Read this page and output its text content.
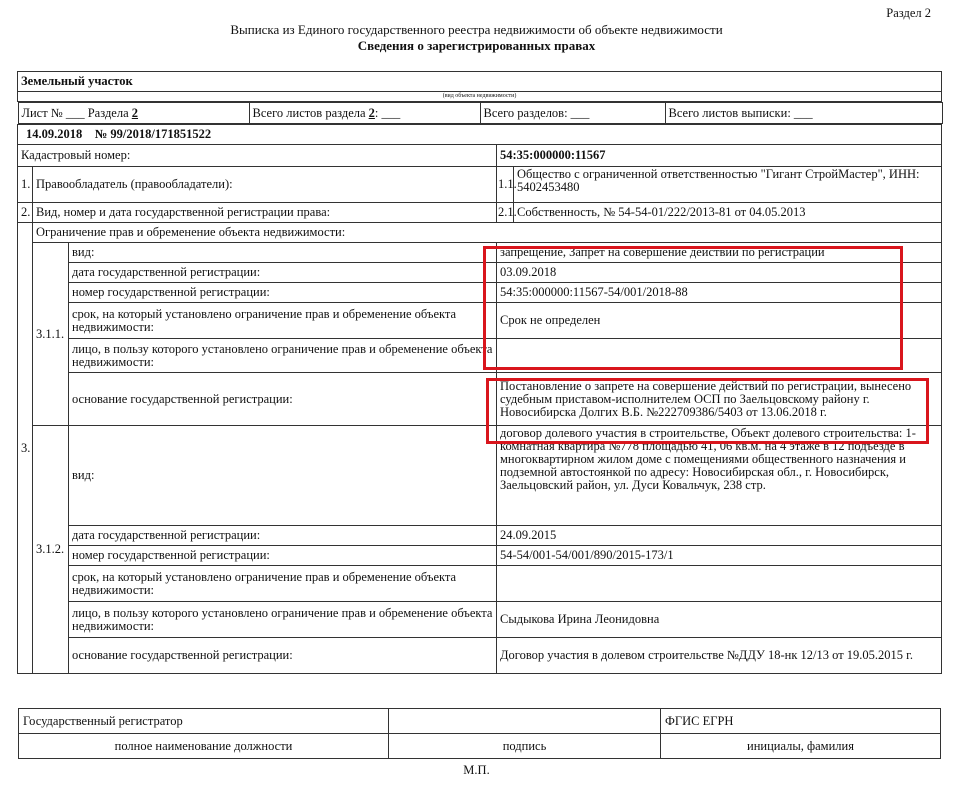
Раздел 2
Выписка из Единого государственного реестра недвижимости об объекте недвижимости
Сведения о зарегистрированных правах
Земельный участок
(вид объекта недвижимости)

Лист № ___ Раздела 2	Всего листов раздела 2: ___	Всего разделов: ___	Всего листов выписки: ___

14.09.2018 № 99/2018/171851522
Кадастровый номер:	54:35:000000:11567
1.	Правообладатель (правообладатели):	1.1.	Общество с ограниченной ответственностью "Гигант СтройМастер", ИНН: 5402453480
2.	Вид, номер и дата государственной регистрации права:	2.1.	Собственность, № 54-54-01/222/2013-81 от 04.05.2013
3.	Ограничение прав и обременение объекта недвижимости:
3.1.1.	вид:	запрещение, Запрет на совершение действий по регистрации
дата государственной регистрации:	03.09.2018
номер государственной регистрации:	54:35:000000:11567-54/001/2018-88
срок, на который установлено ограничение прав и обременение объекта недвижимости:	Срок не определен
лицо, в пользу которого установлено ограничение прав и обременение объекта недвижимости:	
основание государственной регистрации:	Постановление о запрете на совершение действий по регистрации, вынесено судебным приставом-исполнителем ОСП по Заельцовскому району г. Новосибирска Долгих В.Б. №222709386/5403 от 13.06.2018 г.
3.1.2.	вид:	договор долевого участия в строительстве, Объект долевого строительства: 1-комнатная квартира №778 площадью 41, 06 кв.м. на 4 этаже в 12 подъезде в многоквартирном жилом доме с помещениями общественного назначения и подземной автостоянкой по адресу: Новосибирская обл., г. Новосибирск, Заельцовский район, ул. Дуси Ковальчук, 238 стр.
дата государственной регистрации:	24.09.2015
номер государственной регистрации:	54-54/001-54/001/890/2015-173/1
срок, на который установлено ограничение прав и обременение объекта недвижимости:	
лицо, в пользу которого установлено ограничение прав и обременение объекта недвижимости:	Сыдыкова Ирина Леонидовна
основание государственной регистрации:	Договор участия в долевом строительстве №ДДУ 18-нк 12/13 от 19.05.2015 г.
Государственный регистратор		ФГИС ЕГРН
полное наименование должности	подпись	инициалы, фамилия
М.П.
